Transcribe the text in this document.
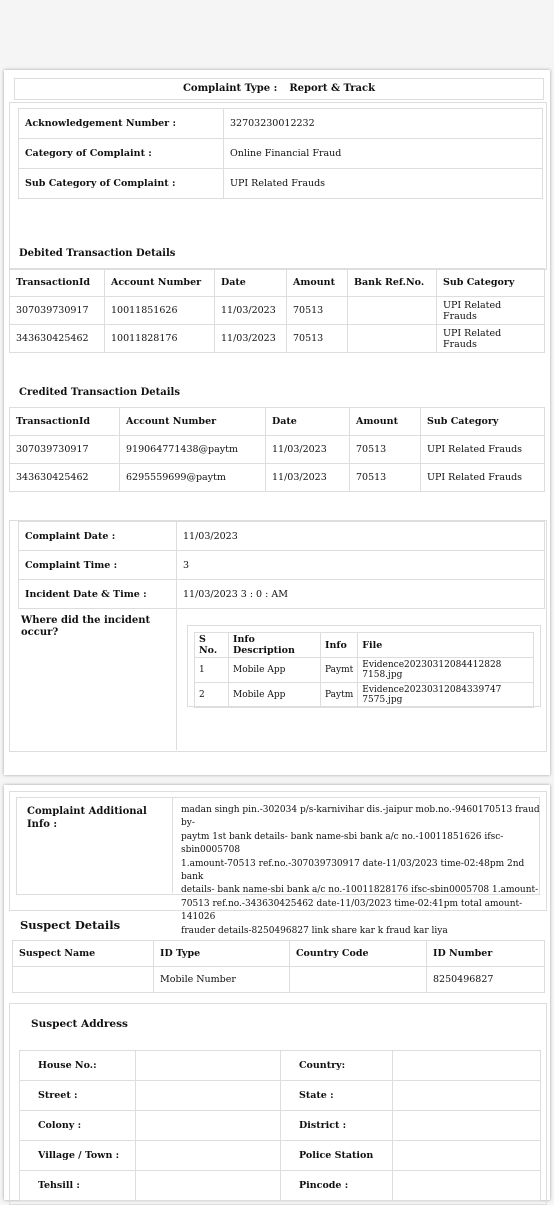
Complaint Type : Report & Track
Acknowledgement Number :	32703230012232
Category of Complaint :	Online Financial Fraud
Sub Category of Complaint :	UPI Related Frauds
Debited Transaction Details
TransactionId	Account Number	Date	Amount	Bank Ref.No.	Sub Category
307039730917	10011851626	11/03/2023	70513		UPI Related Frauds
343630425462	10011828176	11/03/2023	70513		UPI Related Frauds
Credited Transaction Details
TransactionId	Account Number	Date	Amount	Sub Category
307039730917	919064771438@paytm	11/03/2023	70513	UPI Related Frauds
343630425462	6295559699@paytm	11/03/2023	70513	UPI Related Frauds
Complaint Date :	11/03/2023
Complaint Time :	3
Incident Date & Time :	11/03/2023 3 : 0 : AM
Where did the incident occur?
S No.	Info Description	Info	File
1	Mobile App	Paymt	Evidence20230312084412828 7158.jpg
2	Mobile App	Paytm	Evidence20230312084339747 7575.jpg
Complaint Additional Info :
madan singh pin.-302034 p/s-karnivihar dis.-jaipur mob.no.-9460170513 fraud by-
paytm 1st bank details- bank name-sbi bank a/c no.-10011851626 ifsc-sbin0005708
1.amount-70513 ref.no.-307039730917 date-11/03/2023 time-02:48pm 2nd bank
details- bank name-sbi bank a/c no.-10011828176 ifsc-sbin0005708 1.amount-
70513 ref.no.-343630425462 date-11/03/2023 time-02:41pm total amount-141026
frauder details-8250496827 link share kar k fraud kar liya
Suspect Details
Suspect Name	ID Type	Country Code	ID Number
	Mobile Number		8250496827
Suspect Address
House No.:		Country:	
Street :		State :	
Colony :		District :	
Village / Town :		Police Station	
Tehsill :		Pincode :	
